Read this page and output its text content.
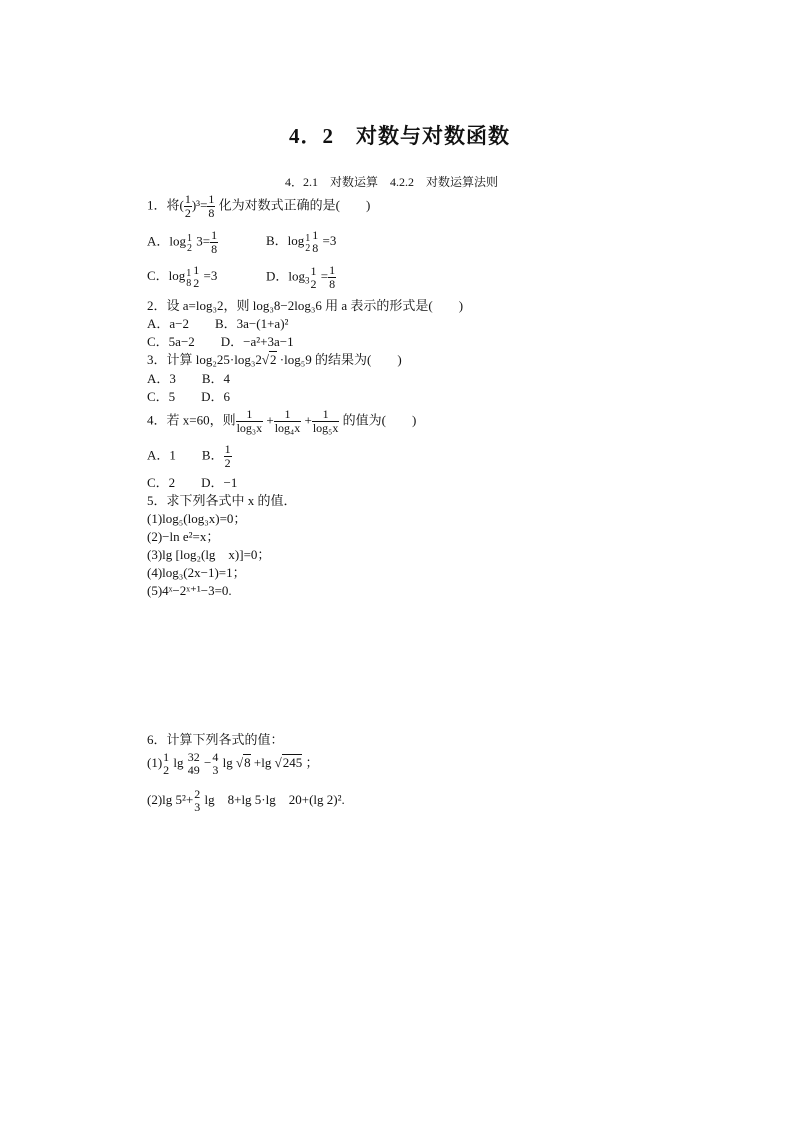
4．2　对数与对数函数
4．2.1　对数运算　4.2.2　对数运算法则
1．将( $\frac{1}{2} )^3= \frac{1}{8}$ 化为对数式正确的是(　　)
A．log 1
2
$3= \frac{1}{8}$	B．log 1
2
1
8
=3
C．log 1
8
1
2
=3	D．$\log_3$
1
2
= $\frac{1}{8}$
2．设 a=log₃2，则 log₃8−2log₃6 用 a 表示的形式是(　　)
A．a−2　　B．3a−(1+a)²
C．5a−2　　D．−a²+3a−1
3．计算 log₂25·log₃2√2 ·log₅9 的结果为(　　)
A．3　　B．4
C．5　　D．6
4．若 x=60，则 $\frac{1}{\text{log₃x}} + \frac{1}{\text{log₄x}} + \frac{1}{\text{log₅x}}$ 的值为(　　)
A．1　　B． $\frac{1}{2}$
C．2　　D．−1
5．求下列各式中 x 的值．
(1)log₅(log₃x)=0；
(2)−ln e²=x；
(3)lg [log₂(lg　x)]=0；
(4)log₃(2x−1)=1；
(5)4ˣ−2ˣ⁺¹−3=0.
6．计算下列各式的值：
(1) 1
2
lg 32
49
− 4
3
lg √8 +lg √245 ；
(2)lg 5²+ 2
3
lg　8+lg 5·lg　20+(lg 2)².
